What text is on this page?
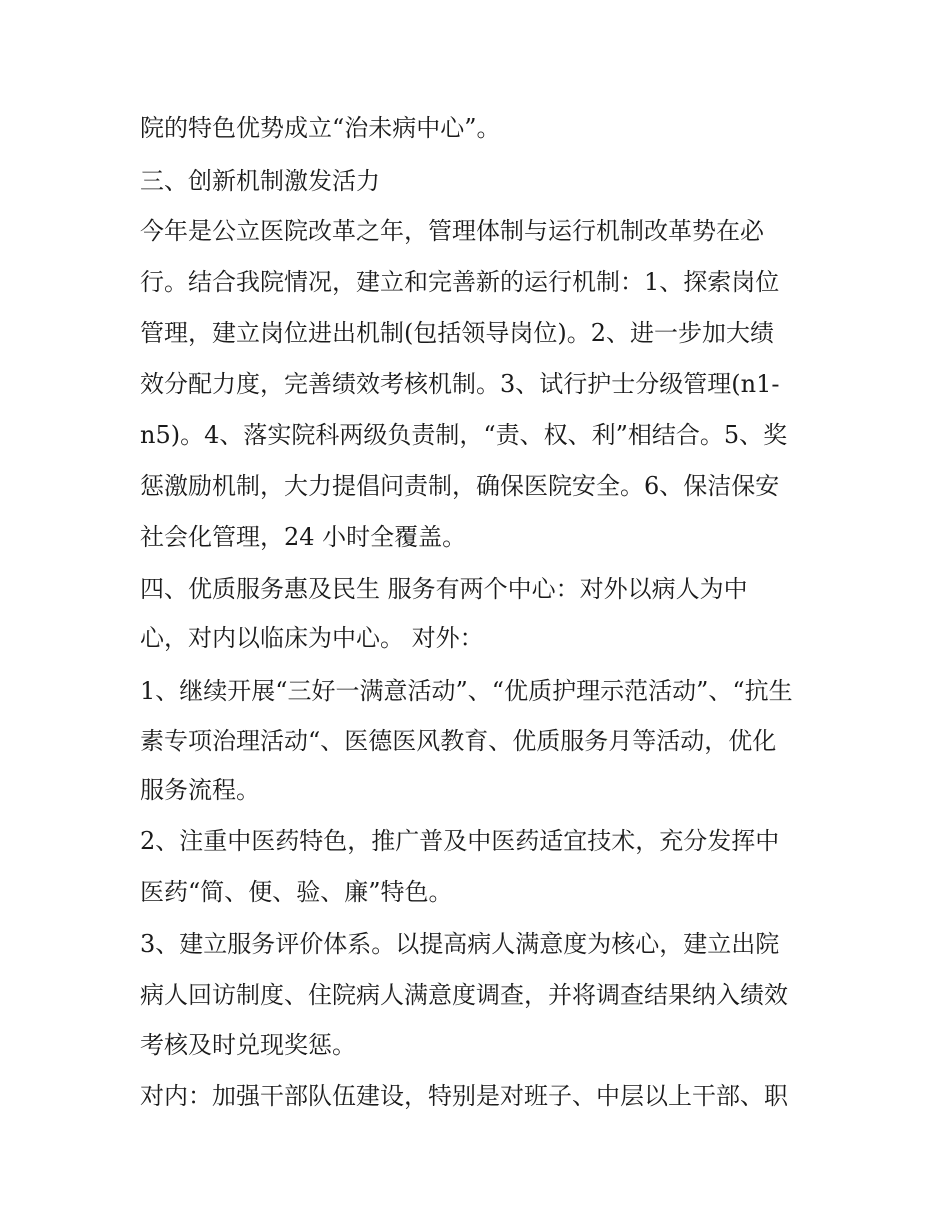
院的特色优势成立“治未病中心”。
三、创新机制激发活力
今年是公立医院改革之年，管理体制与运行机制改革势在必
行。结合我院情况，建立和完善新的运行机制：1、探索岗位
管理，建立岗位进出机制(包括领导岗位)。2、进一步加大绩
效分配力度，完善绩效考核机制。3、试行护士分级管理(n1-
n5)。4、落实院科两级负责制，“责、权、利”相结合。5、奖
惩激励机制，大力提倡问责制，确保医院安全。6、保洁保安
社会化管理，24 小时全覆盖。
四、优质服务惠及民生 服务有两个中心：对外以病人为中
心，对内以临床为中心。 对外：
1、继续开展“三好一满意活动”、“优质护理示范活动”、“抗生
素专项治理活动“、医德医风教育、优质服务月等活动，优化
服务流程。
2、注重中医药特色，推广普及中医药适宜技术，充分发挥中
医药“简、便、验、廉”特色。
3、建立服务评价体系。以提高病人满意度为核心，建立出院
病人回访制度、住院病人满意度调查，并将调查结果纳入绩效
考核及时兑现奖惩。
对内：加强干部队伍建设，特别是对班子、中层以上干部、职
